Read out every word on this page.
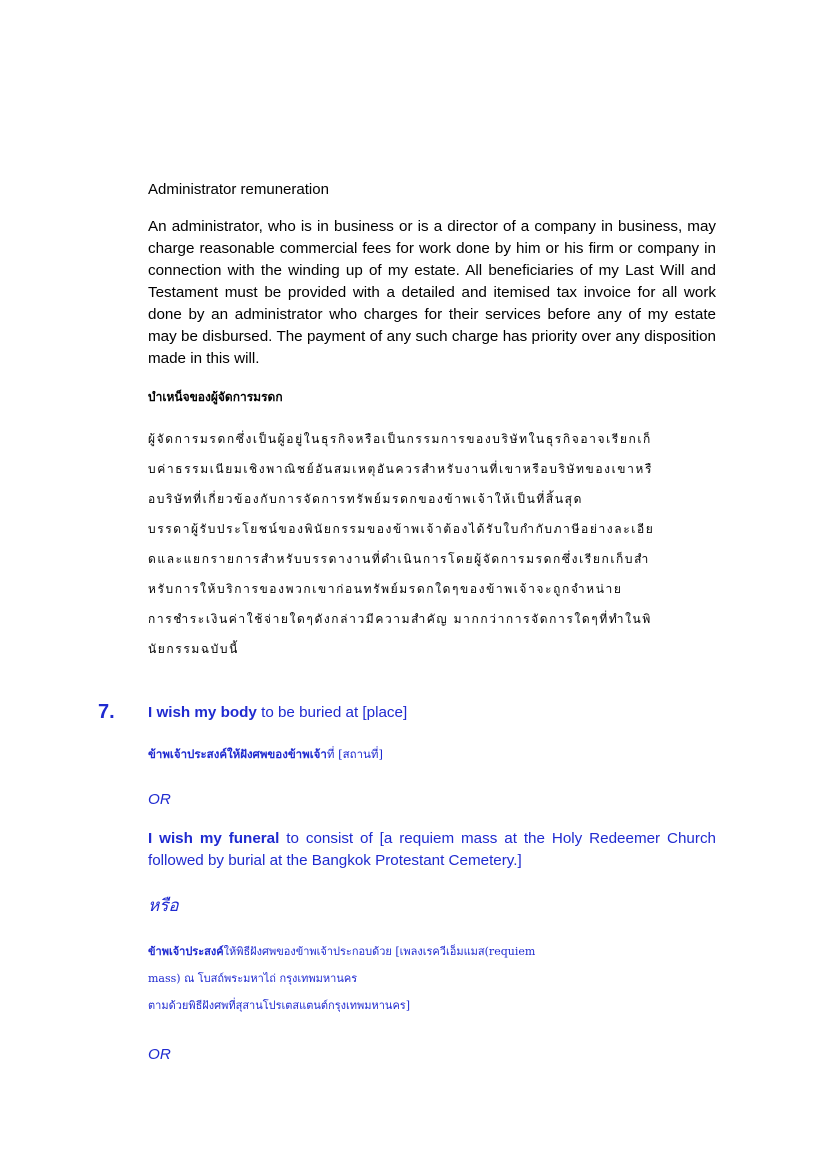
Administrator remuneration
An administrator, who is in business or is a director of a company in business, may charge reasonable commercial fees for work done by him or his firm or company in connection with the winding up of my estate. All beneficiaries of my Last Will and Testament must be provided with a detailed and itemised tax invoice for all work done by an administrator who charges for their services before any of my estate may be disbursed. The payment of any such charge has priority over any disposition made in this will.
บำเหน็จของผู้จัดการมรดก
ผู้จัดการมรดกซึ่งเป็นผู้อยู่ในธุรกิจหรือเป็นกรรมการของบริษัทในธุรกิจอาจเรียกเก็
บค่าธรรมเนียมเชิงพาณิชย์อันสมเหตุอันควรสำหรับงานที่เขาหรือบริษัทของเขาหรื
อบริษัทที่เกี่ยวข้องกับการจัดการทรัพย์มรดกของข้าพเจ้าให้เป็นที่สิ้นสุด
บรรดาผู้รับประโยชน์ของพินัยกรรมของข้าพเจ้าต้องได้รับใบกำกับภาษีอย่างละเอีย
ดและแยกรายการสำหรับบรรดางานที่ดำเนินการโดยผู้จัดการมรดกซึ่งเรียกเก็บสำ
หรับการให้บริการของพวกเขาก่อนทรัพย์มรดกใดๆของข้าพเจ้าจะถูกจำหน่าย
การชำระเงินค่าใช้จ่ายใดๆดังกล่าวมีความสำคัญ มากกว่าการจัดการใดๆที่ทำในพิ
นัยกรรมฉบับนี้
7. I wish my body to be buried at [place]
ข้าพเจ้าประสงค์ให้ฝังศพของข้าพเจ้าที่ [สถานที่]
OR
I wish my funeral to consist of [a requiem mass at the Holy Redeemer Church followed by burial at the Bangkok Protestant Cemetery.]
หรือ
ข้าพเจ้าประสงค์ให้พิธีฝังศพของข้าพเจ้าประกอบด้วย [เพลงเรควีเอ็มแมส(requiem
mass) ณ โบสถ์พระมหาไถ่ กรุงเทพมหานคร
ตามด้วยพิธีฝังศพที่สุสานโปรเตสแตนต์กรุงเทพมหานคร]
OR
